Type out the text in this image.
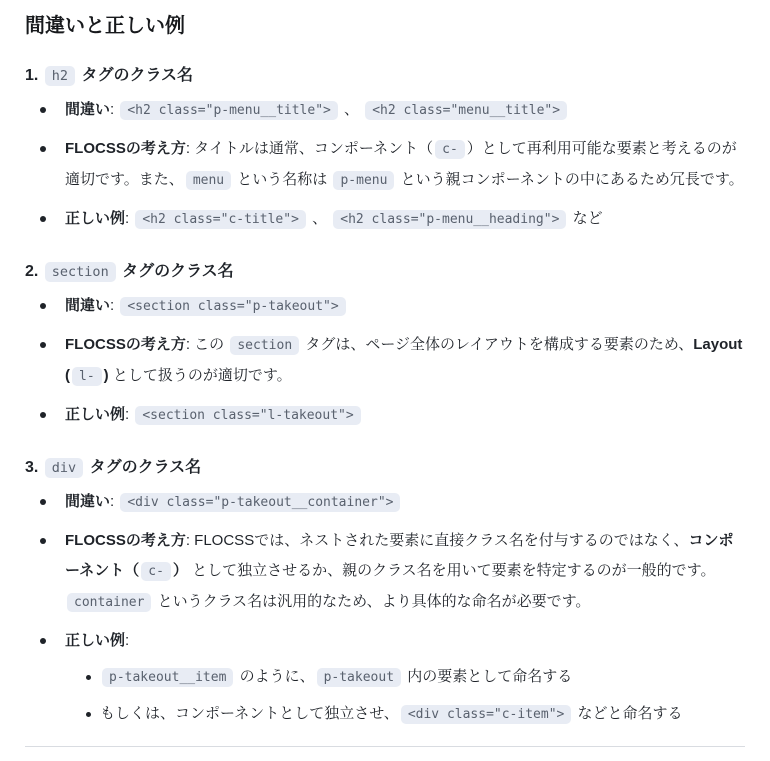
間違いと正しい例
1. h2 タグのクラス名
間違い: <h2 class="p-menu__title"> 、 <h2 class="menu__title">
FLOCSSの考え方: タイトルは通常、コンポーネント（ c- ）として再利用可能な要素と考えるのが適切です。また、 menu という名称は p-menu という親コンポーネントの中にあるため冗長です。
正しい例: <h2 class="c-title"> 、 <h2 class="p-menu__heading"> など
2. section タグのクラス名
間違い: <section class="p-takeout">
FLOCSSの考え方: この section タグは、ページ全体のレイアウトを構成する要素のため、Layout ( l- ) として扱うのが適切です。
正しい例: <section class="l-takeout">
3. div タグのクラス名
間違い: <div class="p-takeout__container">
FLOCSSの考え方: FLOCSSでは、ネストされた要素に直接クラス名を付与するのではなく、コンポーネント（ c- ） として独立させるか、親のクラス名を用いて要素を特定するのが一般的です。container というクラス名は汎用的なため、より具体的な命名が必要です。
正しい例:
p-takeout__item のように、 p-takeout 内の要素として命名する
もしくは、コンポーネントとして独立させ、 <div class="c-item"> などと命名する
